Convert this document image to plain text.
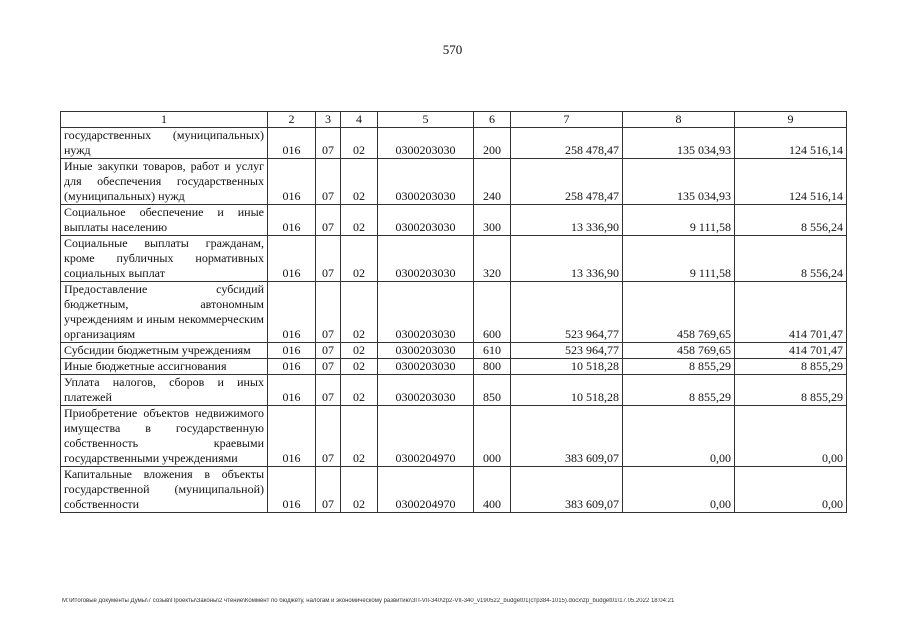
570
1	2	3	4	5	6	7	8	9
государственных (муниципальных) нужд	016	07	02	0300203030	200	258 478,47	135 034,93	124 516,14
Иные закупки товаров, работ и услуг для обеспечения государственных (муниципальных) нужд	016	07	02	0300203030	240	258 478,47	135 034,93	124 516,14
Социальное обеспечение и иные выплаты населению	016	07	02	0300203030	300	13 336,90	9 111,58	8 556,24
Социальные выплаты гражданам, кроме публичных нормативных социальных выплат	016	07	02	0300203030	320	13 336,90	9 111,58	8 556,24
Предоставление субсидий бюджетным, автономным учреждениям и иным некоммерческим организациям	016	07	02	0300203030	600	523 964,77	458 769,65	414 701,47
Субсидии бюджетным учреждениям	016	07	02	0300203030	610	523 964,77	458 769,65	414 701,47
Иные бюджетные ассигнования	016	07	02	0300203030	800	10 518,28	8 855,29	8 855,29
Уплата налогов, сборов и иных платежей	016	07	02	0300203030	850	10 518,28	8 855,29	8 855,29
Приобретение объектов недвижимого имущества в государственную собственность краевыми государственными учреждениями	016	07	02	0300204970	000	383 609,07	0,00	0,00
Капитальные вложения в объекты государственной (муниципальной) собственности	016	07	02	0300204970	400	383 609,07	0,00	0,00
M:\Итоговые документы Думы\7 созыв\Проекты\Законы\2 чтение\Коммент по бюджету, налогам и экономическому развитию\ЗП-VII-340\zp2-VII-340_v190522_budget01(стр384-1015).docx\zp_budget01\17.05.2022 18:04:21
